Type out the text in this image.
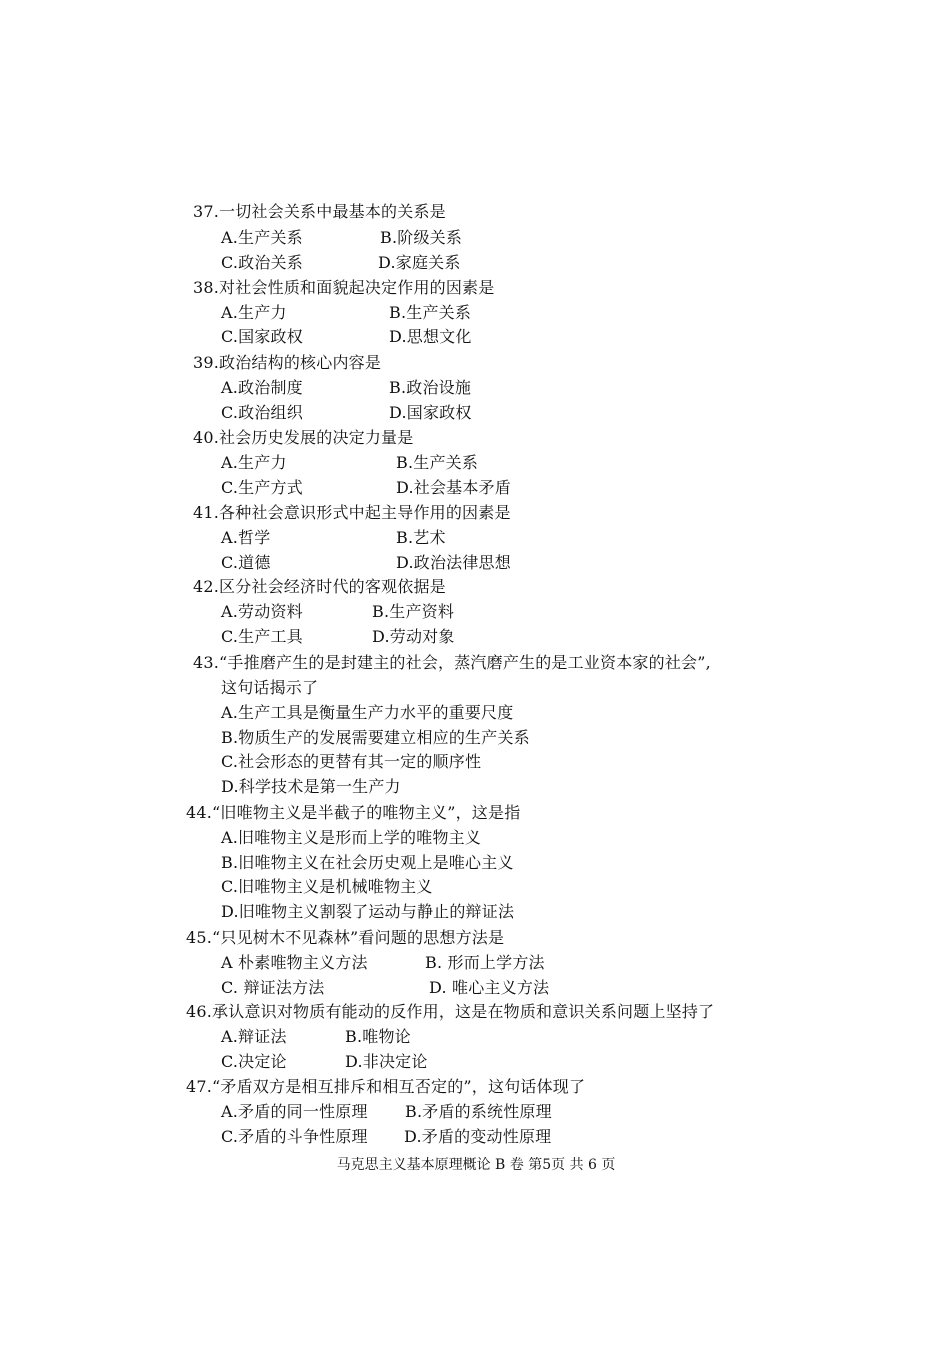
37.一切社会关系中最基本的关系是
A.生产关系	B.阶级关系
C.政治关系	D.家庭关系
38.对社会性质和面貌起决定作用的因素是
A.生产力	B.生产关系
C.国家政权	D.思想文化
39.政治结构的核心内容是
A.政治制度	B.政治设施
C.政治组织	D.国家政权
40.社会历史发展的决定力量是
A.生产力	B.生产关系
C.生产方式	D.社会基本矛盾
41.各种社会意识形式中起主导作用的因素是
A.哲学	B.艺术
C.道德	D.政治法律思想
42.区分社会经济时代的客观依据是
A.劳动资料	B.生产资料
C.生产工具	D.劳动对象
43.“手推磨产生的是封建主的社会，蒸汽磨产生的是工业资本家的社会”,
这句话揭示了
A.生产工具是衡量生产力水平的重要尺度
B.物质生产的发展需要建立相应的生产关系
C.社会形态的更替有其一定的顺序性
D.科学技术是第一生产力
44.“旧唯物主义是半截子的唯物主义”，这是指
A.旧唯物主义是形而上学的唯物主义
B.旧唯物主义在社会历史观上是唯心主义
C.旧唯物主义是机械唯物主义
D.旧唯物主义割裂了运动与静止的辩证法
45.“只见树木不见森林”看问题的思想方法是
A 朴素唯物主义方法	B. 形而上学方法
C. 辩证法方法	D. 唯心主义方法
46.承认意识对物质有能动的反作用，这是在物质和意识关系问题上坚持了
A.辩证法	B.唯物论
C.决定论	D.非决定论
47.“矛盾双方是相互排斥和相互否定的”，这句话体现了
A.矛盾的同一性原理 B.矛盾的系统性原理
C.矛盾的斗争性原理 D.矛盾的变动性原理
马克思主义基本原理概论 B 卷 第5页 共 6 页
